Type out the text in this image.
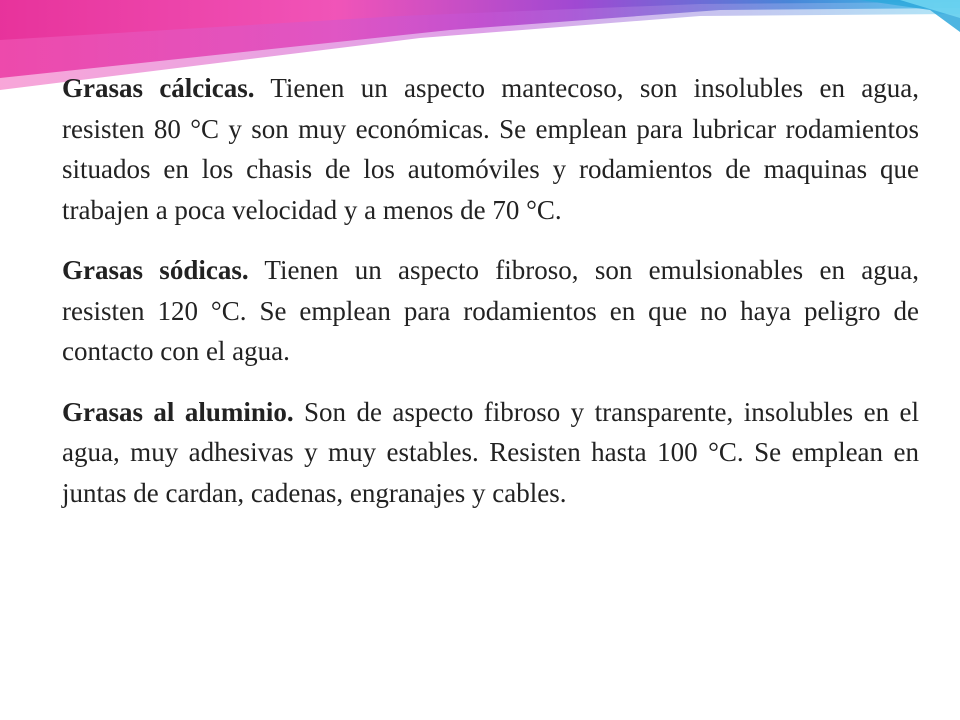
Grasas cálcicas. Tienen un aspecto mantecoso, son insolubles en agua, resisten 80 °C y son muy económicas. Se emplean para lubricar rodamientos situados en los chasis de los automóviles y rodamientos de maquinas que trabajen a poca velocidad y a menos de 70 °C.

Grasas sódicas. Tienen un aspecto fibroso, son emulsionables en agua, resisten 120 °C. Se emplean para rodamientos en que no haya peligro de contacto con el agua.

Grasas al aluminio. Son de aspecto fibroso y transparente, insolubles en el agua, muy adhesivas y muy estables. Resisten hasta 100 °C. Se emplean en juntas de cardan, cadenas, engranajes y cables.
